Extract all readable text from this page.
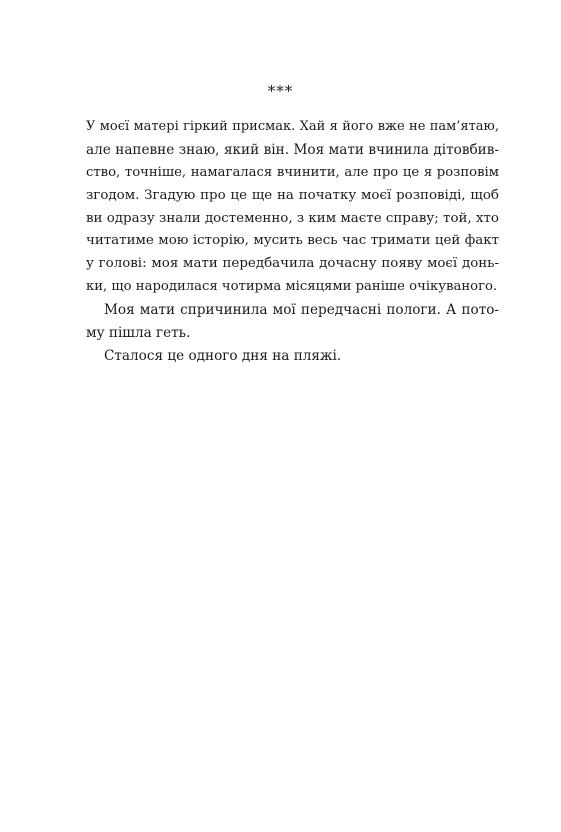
***
У моєї матері гіркий присмак. Хай я його вже не пам’ятаю,
але напевне знаю, який він. Моя мати вчинила дітовбив-
ство, точніше, намагалася вчинити, але про це я розповім
згодом. Згадую про це ще на початку моєї розповіді, щоб
ви одразу знали достеменно, з ким маєте справу; той, хто
читатиме мою історію, мусить весь час тримати цей факт
у голові: моя мати передбачила дочасну появу моєї донь-
ки, що народилася чотирма місяцями раніше очікуваного.
Моя мати спричинила мої передчасні пологи. А пото-
му пішла геть.
Сталося це одного дня на пляжі.
